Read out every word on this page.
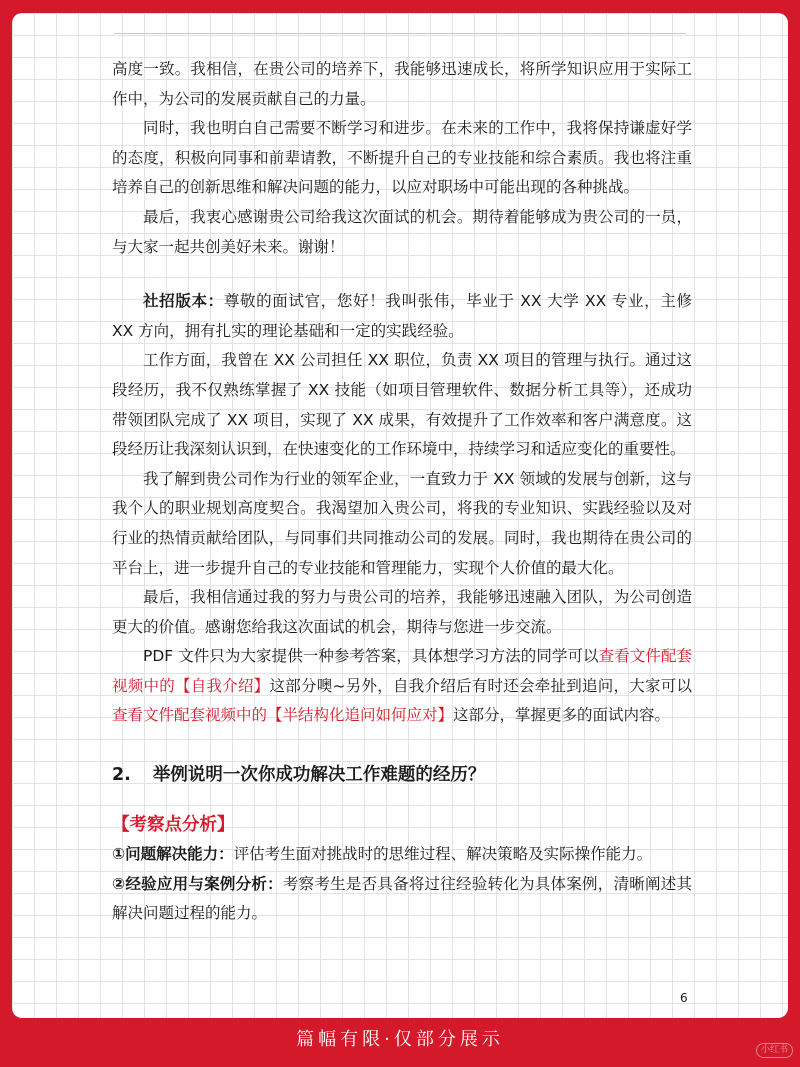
高度一致。我相信，在贵公司的培养下，我能够迅速成长，将所学知识应用于实际工作中，为公司的发展贡献自己的力量。

同时，我也明白自己需要不断学习和进步。在未来的工作中，我将保持谦虚好学的态度，积极向同事和前辈请教，不断提升自己的专业技能和综合素质。我也将注重培养自己的创新思维和解决问题的能力，以应对职场中可能出现的各种挑战。

最后，我衷心感谢贵公司给我这次面试的机会。期待着能够成为贵公司的一员，与大家一起共创美好未来。谢谢！

社招版本：尊敬的面试官，您好！我叫张伟，毕业于 XX 大学 XX 专业，主修 XX 方向，拥有扎实的理论基础和一定的实践经验。

工作方面，我曾在 XX 公司担任 XX 职位，负责 XX 项目的管理与执行。通过这段经历，我不仅熟练掌握了 XX 技能（如项目管理软件、数据分析工具等），还成功带领团队完成了 XX 项目，实现了 XX 成果，有效提升了工作效率和客户满意度。这段经历让我深刻认识到，在快速变化的工作环境中，持续学习和适应变化的重要性。

我了解到贵公司作为行业的领军企业，一直致力于 XX 领域的发展与创新，这与我个人的职业规划高度契合。我渴望加入贵公司，将我的专业知识、实践经验以及对行业的热情贡献给团队，与同事们共同推动公司的发展。同时，我也期待在贵公司的平台上，进一步提升自己的专业技能和管理能力，实现个人价值的最大化。

最后，我相信通过我的努力与贵公司的培养，我能够迅速融入团队，为公司创造更大的价值。感谢您给我这次面试的机会，期待与您进一步交流。

PDF 文件只为大家提供一种参考答案，具体想学习方法的同学可以查看文件配套视频中的【自我介绍】这部分噢~另外，自我介绍后有时还会牵扯到追问，大家可以查看文件配套视频中的【半结构化追问如何应对】这部分，掌握更多的面试内容。

2. 举例说明一次你成功解决工作难题的经历？

【考察点分析】

①问题解决能力：评估考生面对挑战时的思维过程、解决策略及实际操作能力。

②经验应用与案例分析：考察考生是否具备将过往经验转化为具体案例，清晰阐述其解决问题过程的能力。

6
篇幅有限·仅部分展示	小红书
